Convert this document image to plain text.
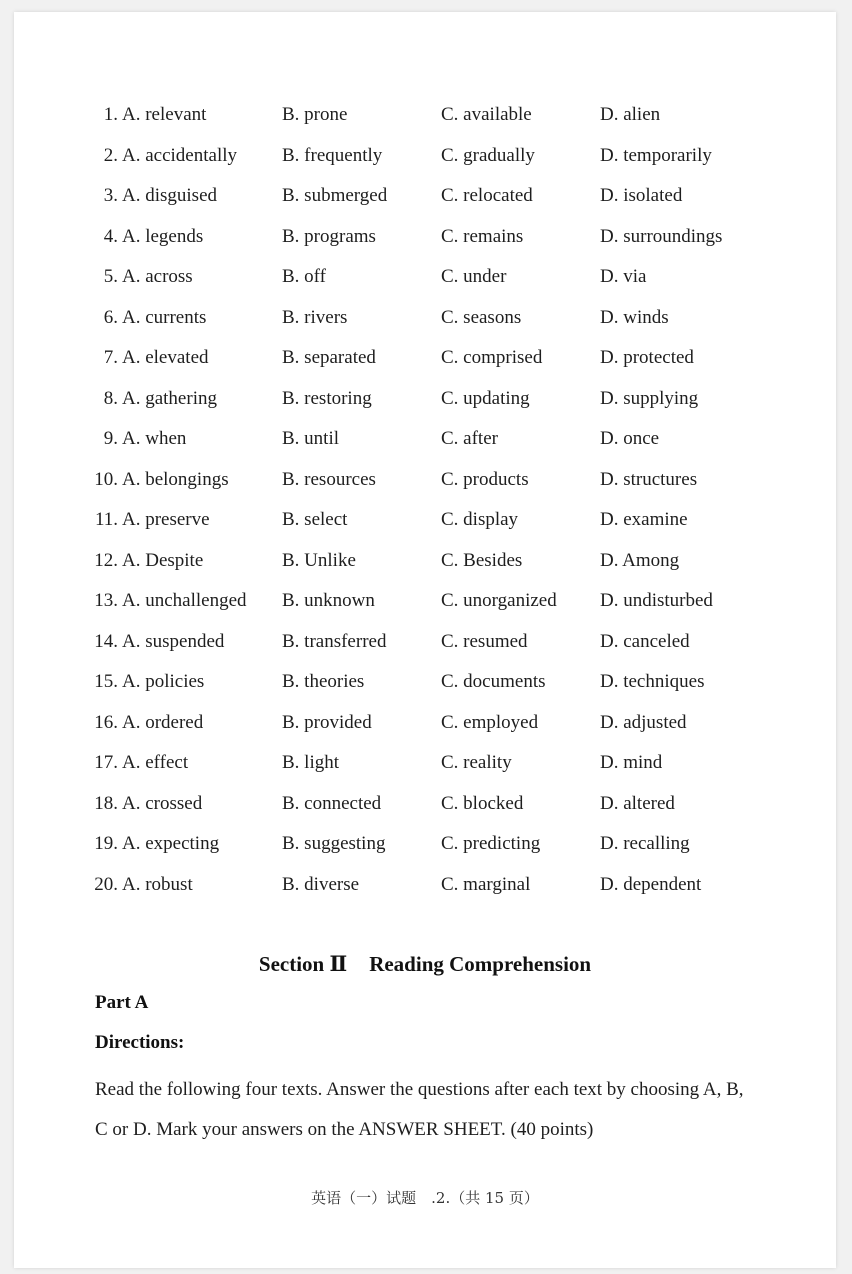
1. A. relevant	B. prone	C. available	D. alien
2. A. accidentally B. frequently	C. gradually	D. temporarily
3. A. disguised	B. submerged	C. relocated	D. isolated
4. A. legends	B. programs	C. remains	D. surroundings
5. A. across	B. off	C. under	D. via
6. A. currents	B. rivers	C. seasons	D. winds
7. A. elevated	B. separated	C. comprised	D. protected
8. A. gathering	B. restoring	C. updating	D. supplying
9. A. when	B. until	C. after	D. once
10. A. belongings	B. resources	C. products	D. structures
11. A. preserve	B. select	C. display	D. examine
12. A. Despite	B. Unlike	C. Besides	D. Among
13. A. unchallenged B. unknown	C. unorganized D. undisturbed
14. A. suspended	B. transferred	C. resumed	D. canceled
15. A. policies	B. theories	C. documents	D. techniques
16. A. ordered	B. provided	C. employed	D. adjusted
17. A. effect	B. light	C. reality	D. mind
18. A. crossed	B. connected	C. blocked	D. altered
19. A. expecting	B. suggesting	C. predicting	D. recalling
20. A. robust	B. diverse	C. marginal	D. dependent
Section Ⅱ Reading Comprehension
Part A
Directions:
Read the following four texts. Answer the questions after each text by choosing A, B, C or D. Mark your answers on the ANSWER SHEET. (40 points)
英语（一）试题　.2.（共 15 页）
